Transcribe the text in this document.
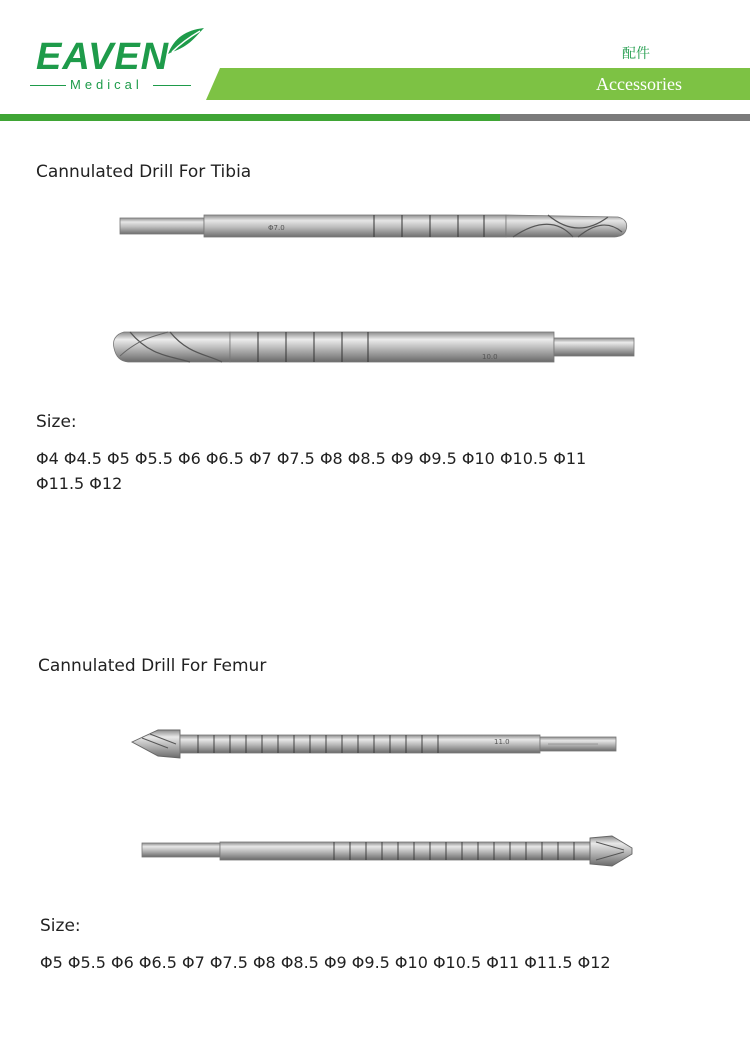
EAVEN
Medical
配件
Accessories
Cannulated Drill For Tibia
Φ7.0
10.0
Size:
Φ4 Φ4.5 Φ5 Φ5.5 Φ6 Φ6.5 Φ7 Φ7.5 Φ8 Φ8.5 Φ9 Φ9.5 Φ10 Φ10.5 Φ11
Φ11.5 Φ12
Cannulated Drill For Femur
11.0
Size:
Φ5 Φ5.5 Φ6 Φ6.5 Φ7 Φ7.5 Φ8 Φ8.5 Φ9 Φ9.5 Φ10 Φ10.5 Φ11 Φ11.5 Φ12
